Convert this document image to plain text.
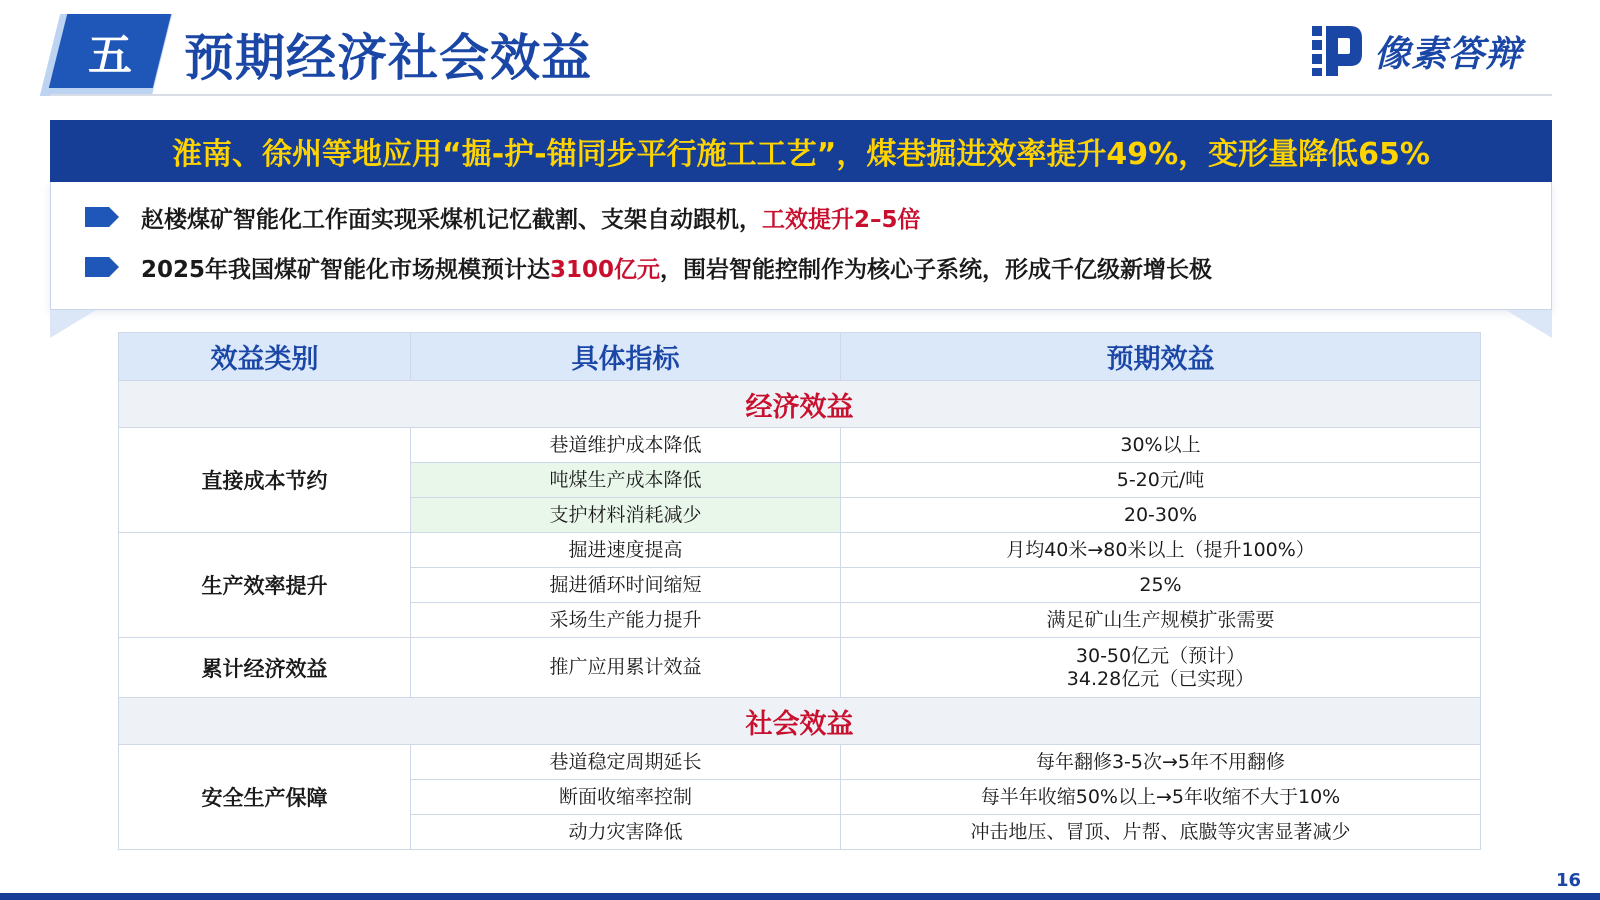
五 预期经济社会效益	像素答辩
淮南、徐州等地应用“掘-护-锚同步平行施工工艺”，煤巷掘进效率提升49%，变形量降低65%
赵楼煤矿智能化工作面实现采煤机记忆截割、支架自动跟机， 工效提升2–5倍
2025年我国煤矿智能化市场规模预计达 3100亿元 ，围岩智能控制作为核心子系统，形成千亿级新增长极
效益类别	具体指标	预期效益
经济效益		
直接成本节约	巷道维护成本降低	30%以上
	吨煤生产成本降低	5-20元/吨
	支护材料消耗减少	20-30%
生产效率提升	掘进速度提高	月均40米→80米以上（提升100%）
	掘进循环时间缩短	25%
	采场生产能力提升	满足矿山生产规模扩张需要
累计经济效益	推广应用累计效益	30-50亿元（预计）
34.28亿元（已实现）

社会效益		
安全生产保障	巷道稳定周期延长	每年翻修3-5次→5年不用翻修
	断面收缩率控制	每半年收缩50%以上→5年收缩不大于10%
	动力灾害降低	冲击地压、冒顶、片帮、底臌等灾害显著减少
16
